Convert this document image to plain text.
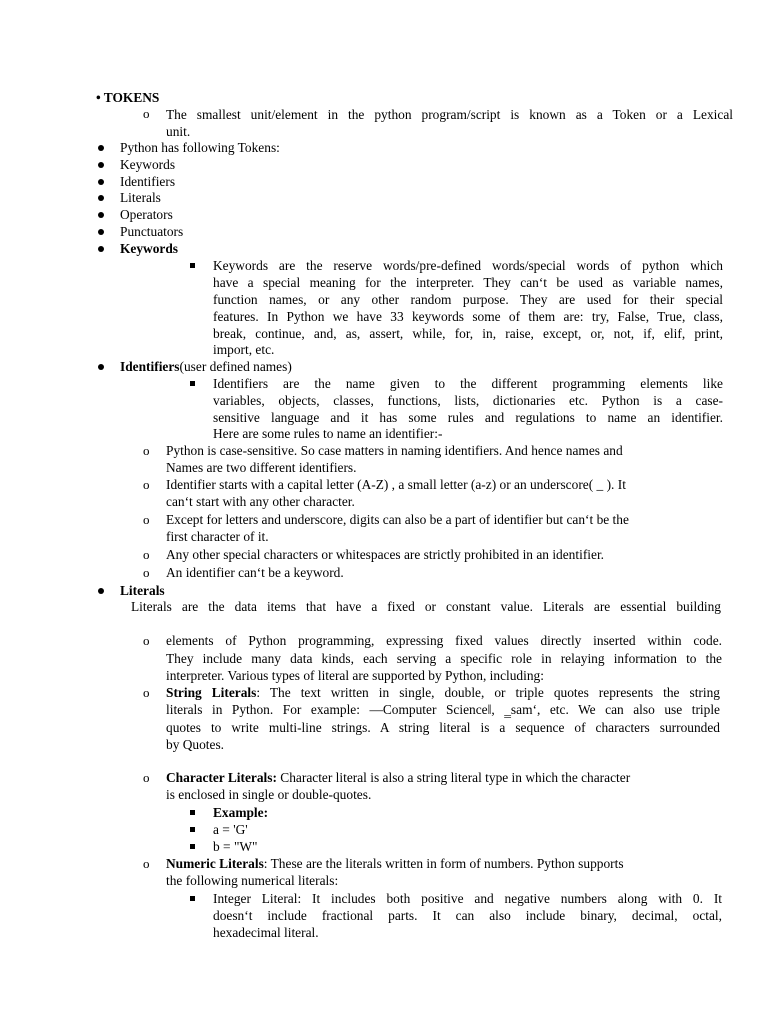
• TOKENS
o The smallest unit/element in the python program/script is known as a Token or a Lexical
unit.
Python has following Tokens:
Keywords
Identifiers
Literals
Operators
Punctuators
Keywords
Keywords are the reserve words/pre-defined words/special words of python which
have a special meaning for the interpreter. They can‘t be used as variable names,
function names, or any other random purpose. They are used for their special
features. In Python we have 33 keywords some of them are: try, False, True, class,
break, continue, and, as, assert, while, for, in, raise, except, or, not, if, elif, print,
import, etc.
Identifiers(user defined names)
Identifiers are the name given to the different programming elements like
variables, objects, classes, functions, lists, dictionaries etc. Python is a case-
sensitive language and it has some rules and regulations to name an identifier.
Here are some rules to name an identifier:-
o Python is case-sensitive. So case matters in naming identifiers. And hence names and
Names are two different identifiers.
o Identifier starts with a capital letter (A-Z) , a small letter (a-z) or an underscore( _ ). It
can‘t start with any other character.
o Except for letters and underscore, digits can also be a part of identifier but can‘t be the
first character of it.
o Any other special characters or whitespaces are strictly prohibited in an identifier.
o An identifier can‘t be a keyword.
Literals
Literals are the data items that have a fixed or constant value. Literals are essential building
o elements of Python programming, expressing fixed values directly inserted within code.
They include many data kinds, each serving a specific role in relaying information to the
interpreter. Various types of literal are supported by Python, including:
o String Literals: The text written in single, double, or triple quotes represents the string
literals in Python. For example: ―Computer Science‖, ‗sam‘, etc. We can also use triple
quotes to write multi-line strings. A string literal is a sequence of characters surrounded
by Quotes.
o Character Literals: Character literal is also a string literal type in which the character
is enclosed in single or double-quotes.
Example:
a = 'G'
b = "W"
o Numeric Literals: These are the literals written in form of numbers. Python supports
the following numerical literals:
Integer Literal: It includes both positive and negative numbers along with 0. It
doesn‘t include fractional parts. It can also include binary, decimal, octal,
hexadecimal literal.
